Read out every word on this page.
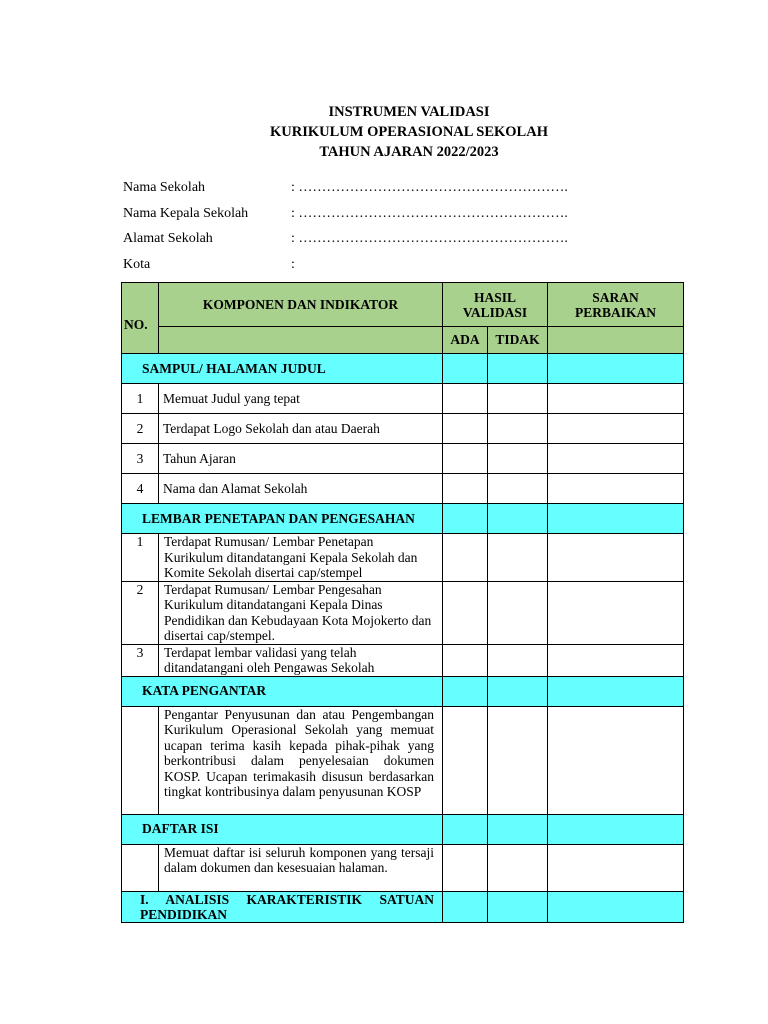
INSTRUMEN VALIDASI
KURIKULUM OPERASIONAL SEKOLAH
TAHUN AJARAN 2022/2023
Nama Sekolah	: ………………………………………………….
Nama Kepala Sekolah	: ………………………………………………….
Alamat Sekolah	: ………………………………………………….
Kota	:
NO.	KOMPONEN DAN INDIKATOR	HASIL VALIDASI		SARAN PERBAIKAN
		ADA	TIDAK	
SAMPUL/ HALAMAN JUDUL				
1	Memuat Judul yang tepat			
2	Terdapat Logo Sekolah dan atau Daerah			
3	Tahun Ajaran			
4	Nama dan Alamat Sekolah			
LEMBAR PENETAPAN DAN PENGESAHAN				
1	Terdapat Rumusan/ Lembar Penetapan Kurikulum ditandatangani Kepala Sekolah dan Komite Sekolah disertai cap/stempel			
2	Terdapat Rumusan/ Lembar Pengesahan Kurikulum ditandatangani Kepala Dinas Pendidikan dan Kebudayaan Kota Mojokerto dan disertai cap/stempel.			
3	Terdapat lembar validasi yang telah ditandatangani oleh Pengawas Sekolah			
KATA PENGANTAR				
	Pengantar Penyusunan dan atau Pengembangan Kurikulum Operasional Sekolah yang memuat ucapan terima kasih kepada pihak-pihak yang berkontribusi dalam penyelesaian dokumen KOSP. Ucapan terimakasih disusun berdasarkan tingkat kontribusinya dalam penyusunan KOSP			
DAFTAR ISI				
	Memuat daftar isi seluruh komponen yang tersaji dalam dokumen dan kesesuaian halaman.			
I. ANALISIS KARAKTERISTIK SATUAN PENDIDIKAN				
